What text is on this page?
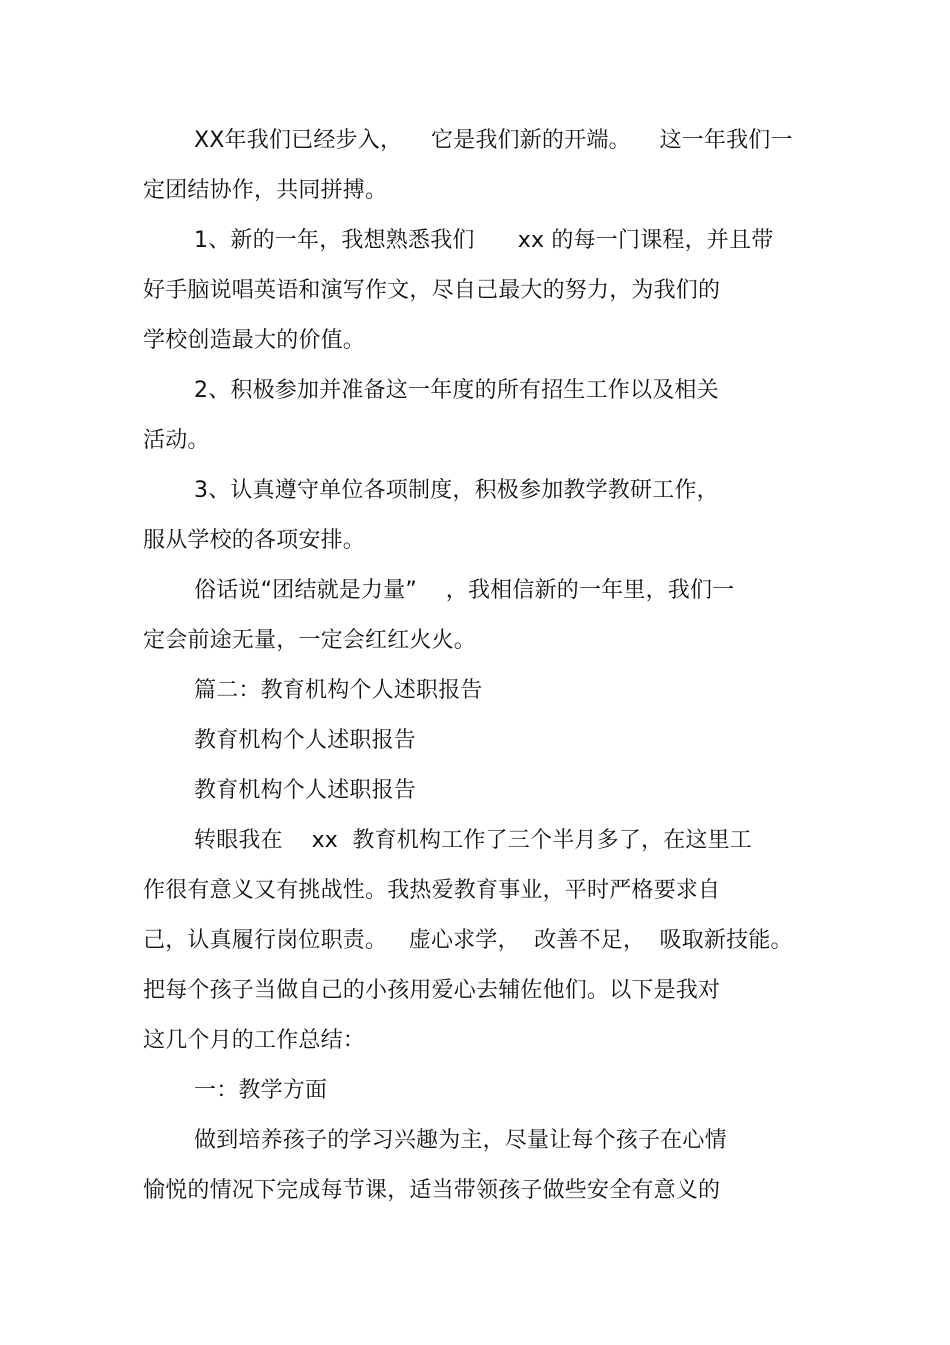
XX年我们已经步入，    它是我们新的开端。    这一年我们一
定团结协作，共同拼搏。
1、新的一年，我想熟悉我们      xx 的每一门课程，并且带
好手脑说唱英语和演写作文，尽自己最大的努力，为我们的
学校创造最大的价值。
2、积极参加并准备这一年度的所有招生工作以及相关
活动。
3、认真遵守单位各项制度，积极参加教学教研工作，
服从学校的各项安排。
俗话说“团结就是力量”    ，我相信新的一年里，我们一
定会前途无量，一定会红红火火。
篇二：教育机构个人述职报告
教育机构个人述职报告
教育机构个人述职报告
转眼我在    xx  教育机构工作了三个半月多了，在这里工
作很有意义又有挑战性。我热爱教育事业，平时严格要求自
己，认真履行岗位职责。   虚心求学，  改善不足，  吸取新技能。
把每个孩子当做自己的小孩用爱心去辅佐他们。以下是我对
这几个月的工作总结：
一：教学方面
做到培养孩子的学习兴趣为主，尽量让每个孩子在心情
愉悦的情况下完成每节课，适当带领孩子做些安全有意义的
